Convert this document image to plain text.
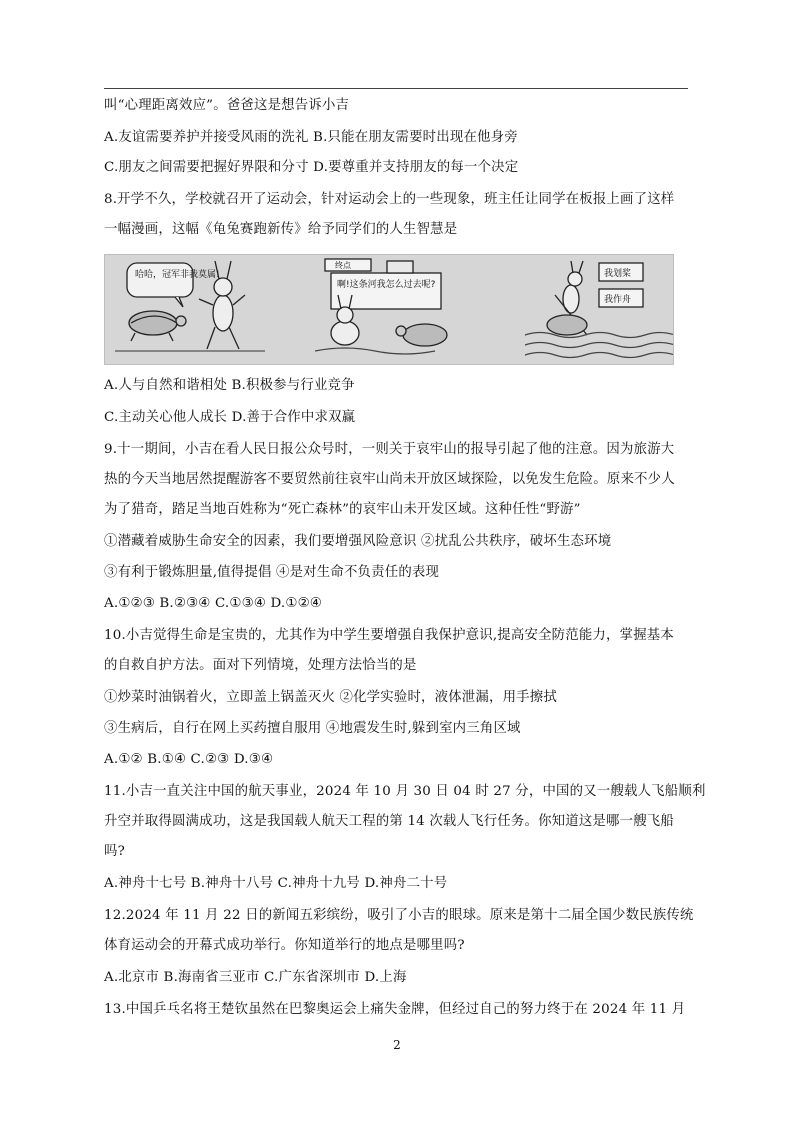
叫“心理距离效应”。爸爸这是想告诉小吉
A.友谊需要养护并接受风雨的洗礼 B.只能在朋友需要时出现在他身旁
C.朋友之间需要把握好界限和分寸 D.要尊重并支持朋友的每一个决定
8.开学不久，学校就召开了运动会，针对运动会上的一些现象，班主任让同学在板报上画了这样
一幅漫画，这幅《龟兔赛跑新传》给予同学们的人生智慧是
哈哈，冠军非我莫属!
终点
啊!这条河我怎么过去呢?
我划桨
我作舟
A.人与自然和谐相处 B.积极参与行业竞争
C.主动关心他人成长 D.善于合作中求双赢
9.十一期间，小吉在看人民日报公众号时，一则关于哀牢山的报导引起了他的注意。因为旅游大
热的今天当地居然提醒游客不要贸然前往哀牢山尚未开放区域探险，以免发生危险。原来不少人
为了猎奇，踏足当地百姓称为“死亡森林”的哀牢山未开发区域。这种任性“野游”
①潜藏着威胁生命安全的因素，我们要增强风险意识 ②扰乱公共秩序，破坏生态环境
③有利于锻炼胆量,值得提倡 ④是对生命不负责任的表现
A.①②③ B.②③④ C.①③④ D.①②④
10.小吉觉得生命是宝贵的，尤其作为中学生要增强自我保护意识,提高安全防范能力，掌握基本
的自救自护方法。面对下列情境，处理方法恰当的是
①炒菜时油锅着火，立即盖上锅盖灭火 ②化学实验时，液体泄漏，用手擦拭
③生病后，自行在网上买药擅自服用 ④地震发生时,躲到室内三角区域
A.①② B.①④ C.②③ D.③④
11.小吉一直关注中国的航天事业，2024 年 10 月 30 日 04 时 27 分，中国的又一艘载人飞船顺利
升空并取得圆满成功，这是我国载人航天工程的第 14 次载人飞行任务。你知道这是哪一艘飞船
吗?
A.神舟十七号 B.神舟十八号 C.神舟十九号 D.神舟二十号
12.2024 年 11 月 22 日的新闻五彩缤纷，吸引了小吉的眼球。原来是第十二届全国少数民族传统
体育运动会的开幕式成功举行。你知道举行的地点是哪里吗?
A.北京市 B.海南省三亚市 C.广东省深圳市 D.上海
13.中国乒乓名将王楚钦虽然在巴黎奥运会上痛失金牌，但经过自己的努力终于在 2024 年 11 月
2
